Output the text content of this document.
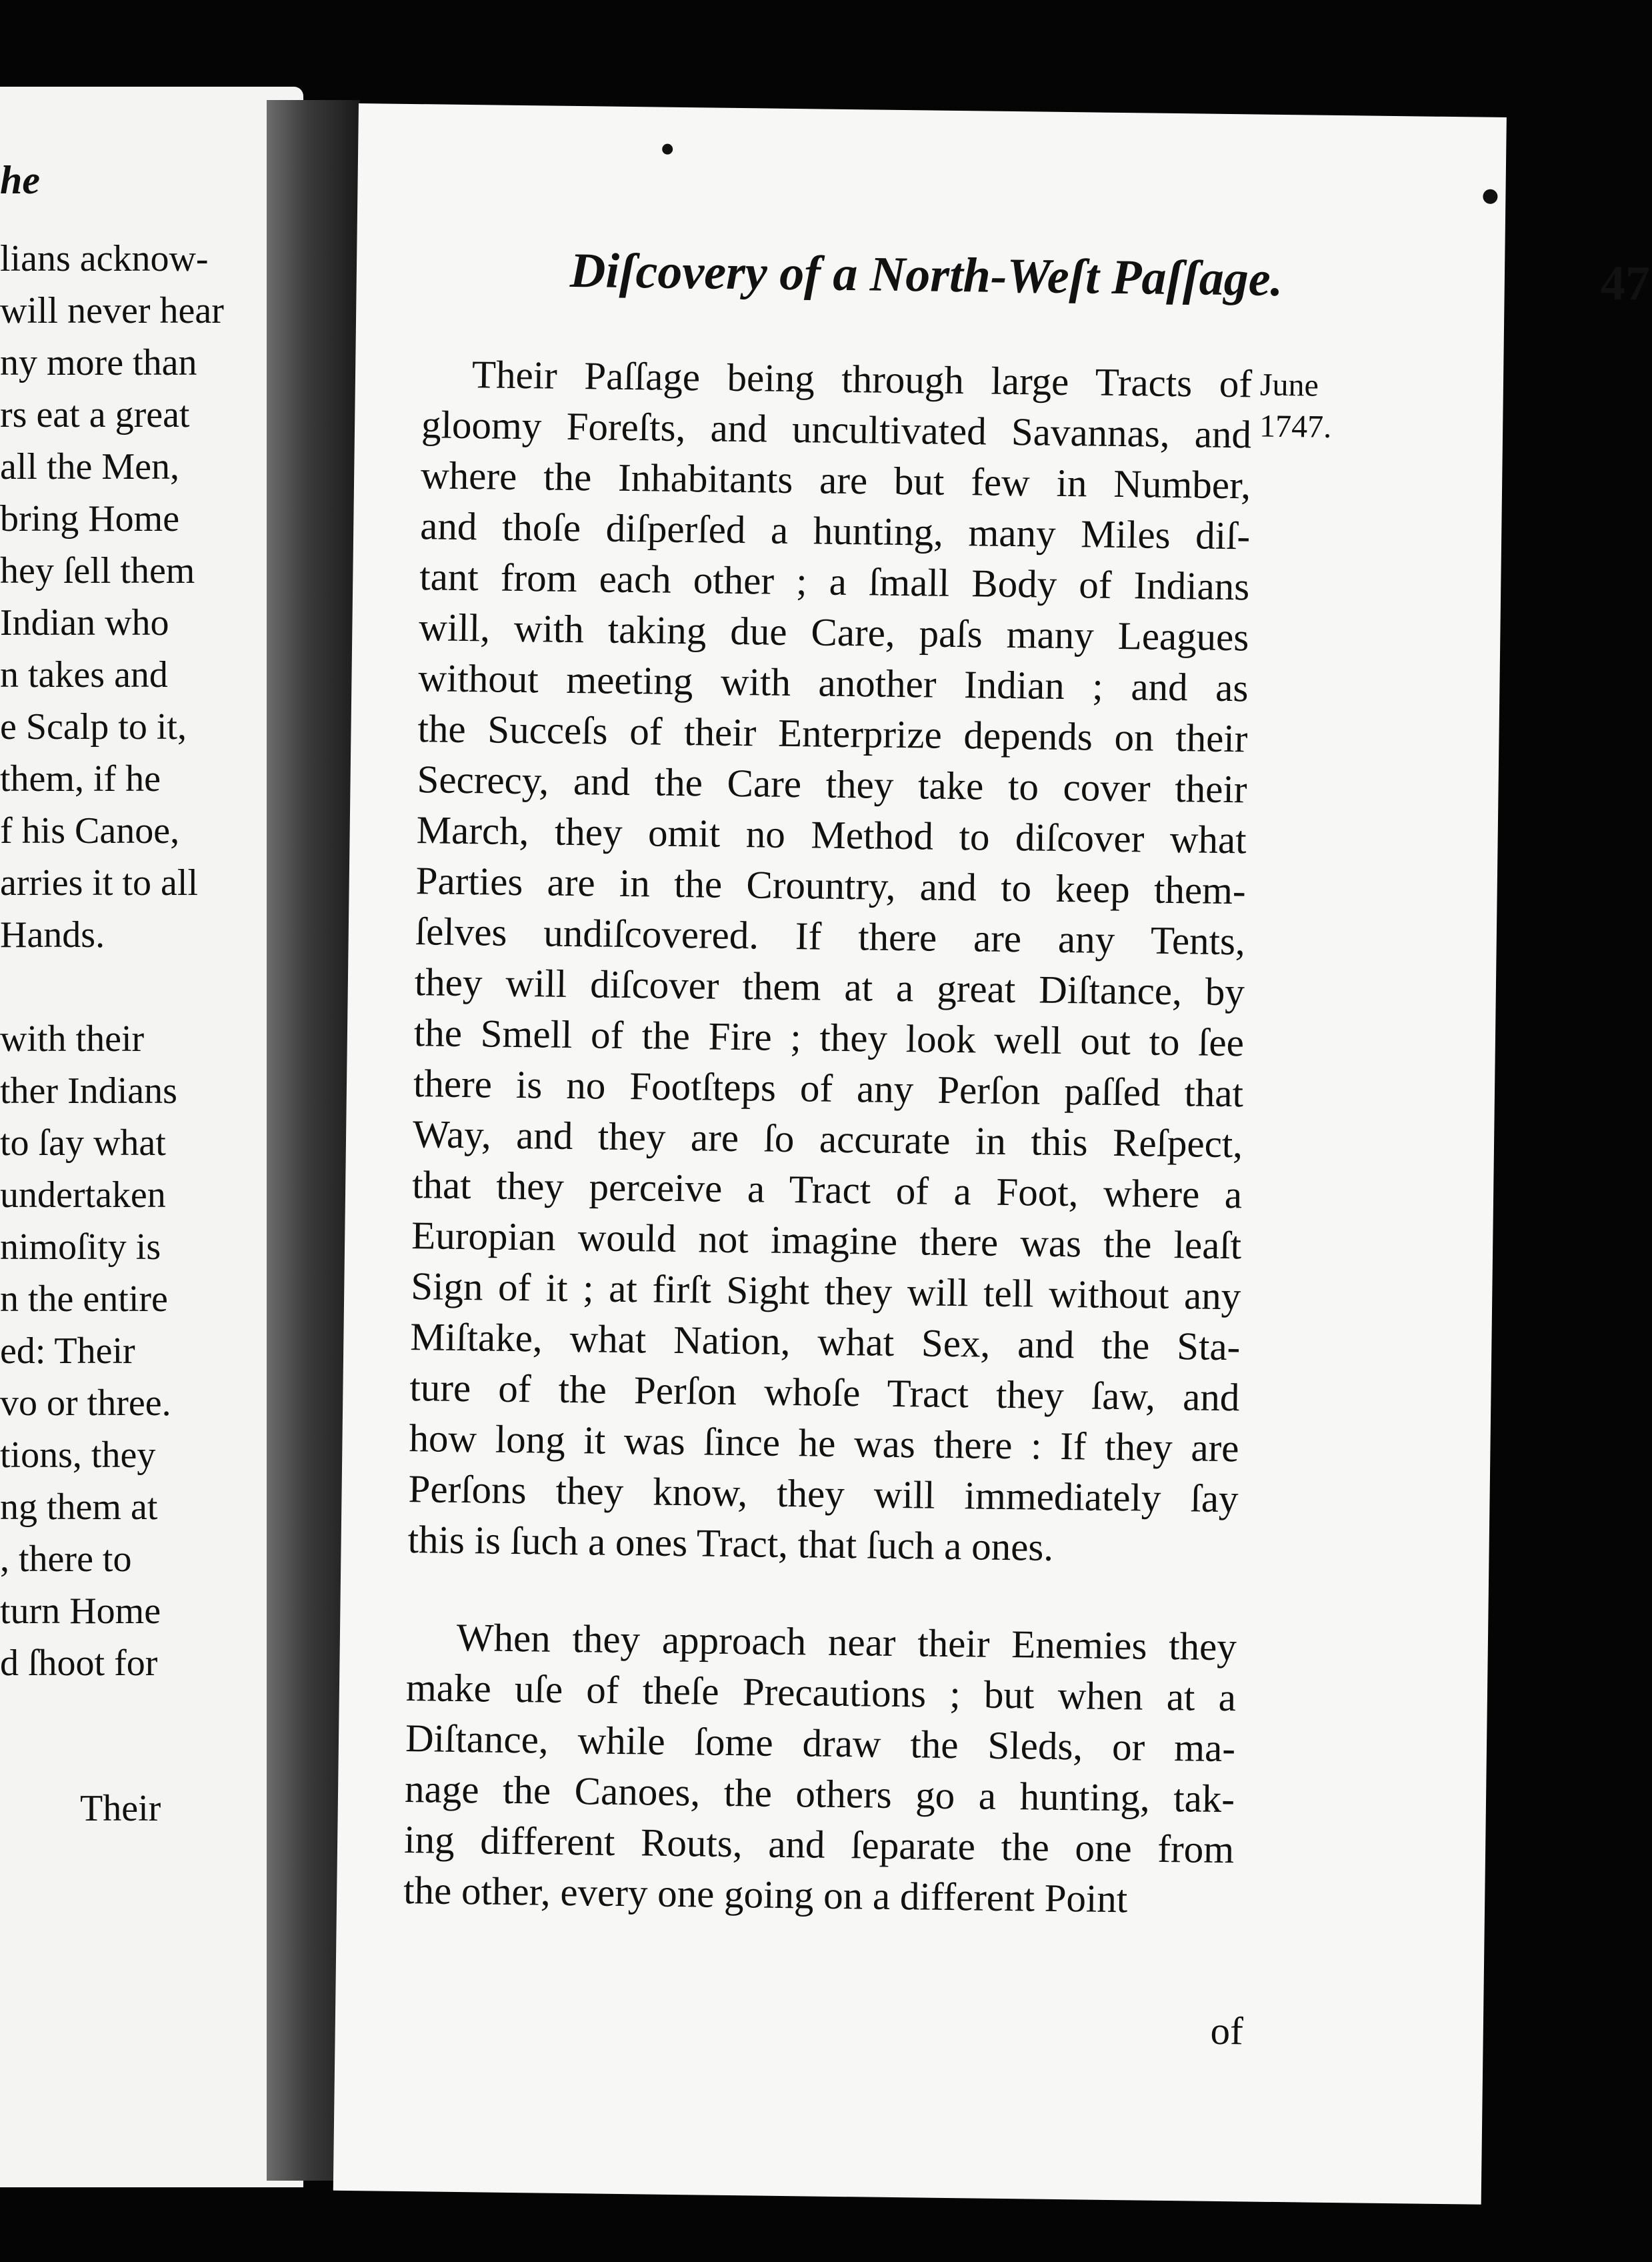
he
lians acknow-
will never hear
ny more than
rs eat a great
all the Men,
bring Home
hey ſell them
Indian who
n takes and
e Scalp to it,
them, if he
f his Canoe,
arries it to all
Hands.
with their
ther Indians
to ſay what
undertaken
nimoſity is
n the entire
ed: Their
vo or three.
tions, they
ng them at
, there to
turn Home
d ſhoot for
Their
Diſcovery of a North-Weſt Paſſage.	47
June
1747.
Their Paſſage being through large Tracts of
gloomy Foreſts, and uncultivated Savannas, and
where the Inhabitants are but few in Number,
and thoſe diſperſed a hunting, many Miles diſ-
tant from each other ; a ſmall Body of Indians
will, with taking due Care, paſs many Leagues
without meeting with another Indian ; and as
the Succeſs of their Enterprize depends on their
Secrecy, and the Care they take to cover their
March, they omit no Method to diſcover what
Parties are in the Crountry, and to keep them-
ſelves undiſcovered. If there are any Tents,
they will diſcover them at a great Diſtance, by
the Smell of the Fire ; they look well out to ſee
there is no Footſteps of any Perſon paſſed that
Way, and they are ſo accurate in this Reſpect,
that they perceive a Tract of a Foot, where a
Europian would not imagine there was the leaſt
Sign of it ; at firſt Sight they will tell without any
Miſtake, what Nation, what Sex, and the Sta-
ture of the Perſon whoſe Tract they ſaw, and
how long it was ſince he was there : If they are
Perſons they know, they will immediately ſay
this is ſuch a ones Tract, that ſuch a ones.
When they approach near their Enemies they
make uſe of theſe Precautions ; but when at a
Diſtance, while ſome draw the Sleds, or ma-
nage the Canoes, the others go a hunting, tak-
ing different Routs, and ſeparate the one from
the other, every one going on a different Point
of
